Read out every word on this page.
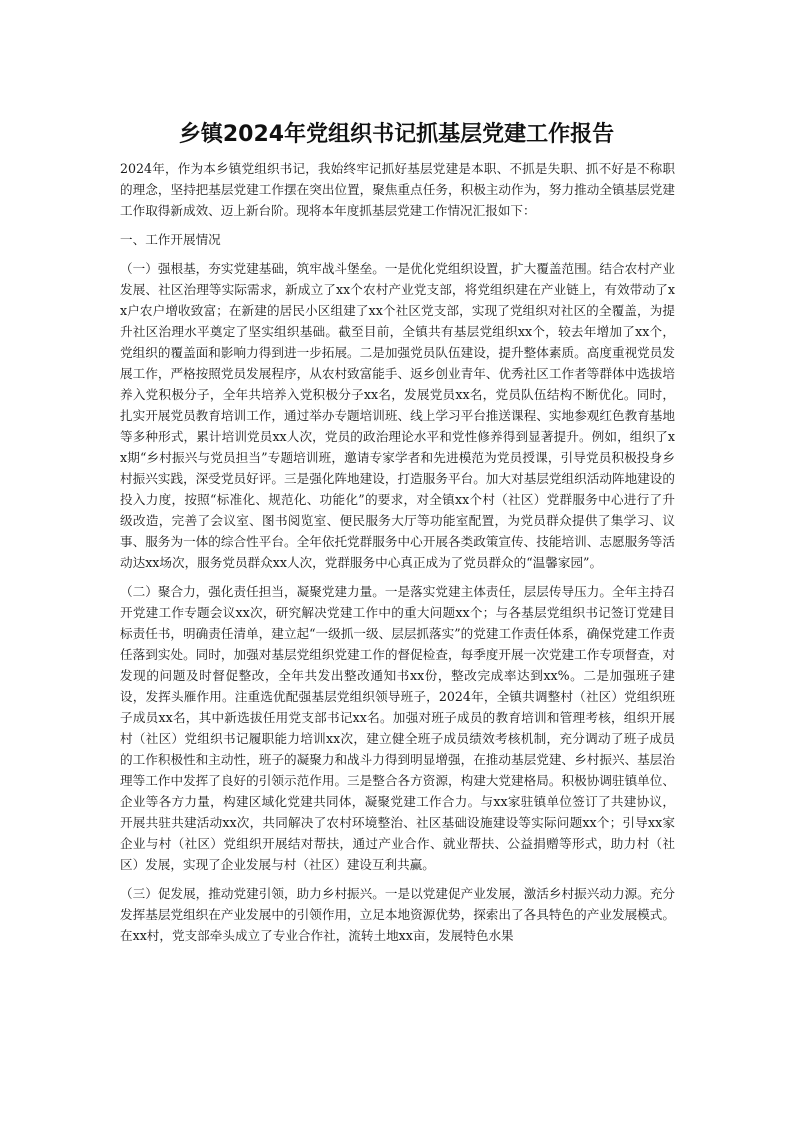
乡镇2024年党组织书记抓基层党建工作报告

2024年，作为本乡镇党组织书记，我始终牢记抓好基层党建是本职、不抓是失职、抓不好是不称职的理念，坚持把基层党建工作摆在突出位置，聚焦重点任务，积极主动作为，努力推动全镇基层党建工作取得新成效、迈上新台阶。现将本年度抓基层党建工作情况汇报如下：

一、工作开展情况

（一）强根基，夯实党建基础，筑牢战斗堡垒。一是优化党组织设置，扩大覆盖范围。结合农村产业发展、社区治理等实际需求，新成立了xx个农村产业党支部，将党组织建在产业链上，有效带动了xx户农户增收致富；在新建的居民小区组建了xx个社区党支部，实现了党组织对社区的全覆盖，为提升社区治理水平奠定了坚实组织基础。截至目前，全镇共有基层党组织xx个，较去年增加了xx个，党组织的覆盖面和影响力得到进一步拓展。二是加强党员队伍建设，提升整体素质。高度重视党员发展工作，严格按照党员发展程序，从农村致富能手、返乡创业青年、优秀社区工作者等群体中选拔培养入党积极分子，全年共培养入党积极分子xx名，发展党员xx名，党员队伍结构不断优化。同时，扎实开展党员教育培训工作，通过举办专题培训班、线上学习平台推送课程、实地参观红色教育基地等多种形式，累计培训党员xx人次，党员的政治理论水平和党性修养得到显著提升。例如，组织了xx期“乡村振兴与党员担当”专题培训班，邀请专家学者和先进模范为党员授课，引导党员积极投身乡村振兴实践，深受党员好评。三是强化阵地建设，打造服务平台。加大对基层党组织活动阵地建设的投入力度，按照“标准化、规范化、功能化”的要求，对全镇xx个村（社区）党群服务中心进行了升级改造，完善了会议室、图书阅览室、便民服务大厅等功能室配置，为党员群众提供了集学习、议事、服务为一体的综合性平台。全年依托党群服务中心开展各类政策宣传、技能培训、志愿服务等活动达xx场次，服务党员群众xx人次，党群服务中心真正成为了党员群众的“温馨家园”。

（二）聚合力，强化责任担当，凝聚党建力量。一是落实党建主体责任，层层传导压力。全年主持召开党建工作专题会议xx次，研究解决党建工作中的重大问题xx个；与各基层党组织书记签订党建目标责任书，明确责任清单，建立起“一级抓一级、层层抓落实”的党建工作责任体系，确保党建工作责任落到实处。同时，加强对基层党组织党建工作的督促检查，每季度开展一次党建工作专项督查，对发现的问题及时督促整改，全年共发出整改通知书xx份，整改完成率达到xx%。二是加强班子建设，发挥头雁作用。注重选优配强基层党组织领导班子，2024年，全镇共调整村（社区）党组织班子成员xx名，其中新选拔任用党支部书记xx名。加强对班子成员的教育培训和管理考核，组织开展村（社区）党组织书记履职能力培训xx次，建立健全班子成员绩效考核机制，充分调动了班子成员的工作积极性和主动性，班子的凝聚力和战斗力得到明显增强，在推动基层党建、乡村振兴、基层治理等工作中发挥了良好的引领示范作用。三是整合各方资源，构建大党建格局。积极协调驻镇单位、企业等各方力量，构建区域化党建共同体，凝聚党建工作合力。与xx家驻镇单位签订了共建协议，开展共驻共建活动xx次，共同解决了农村环境整治、社区基础设施建设等实际问题xx个；引导xx家企业与村（社区）党组织开展结对帮扶，通过产业合作、就业帮扶、公益捐赠等形式，助力村（社区）发展，实现了企业发展与村（社区）建设互利共赢。

（三）促发展，推动党建引领，助力乡村振兴。一是以党建促产业发展，激活乡村振兴动力源。充分发挥基层党组织在产业发展中的引领作用，立足本地资源优势，探索出了各具特色的产业发展模式。在xx村，党支部牵头成立了专业合作社，流转土地xx亩，发展特色水果
